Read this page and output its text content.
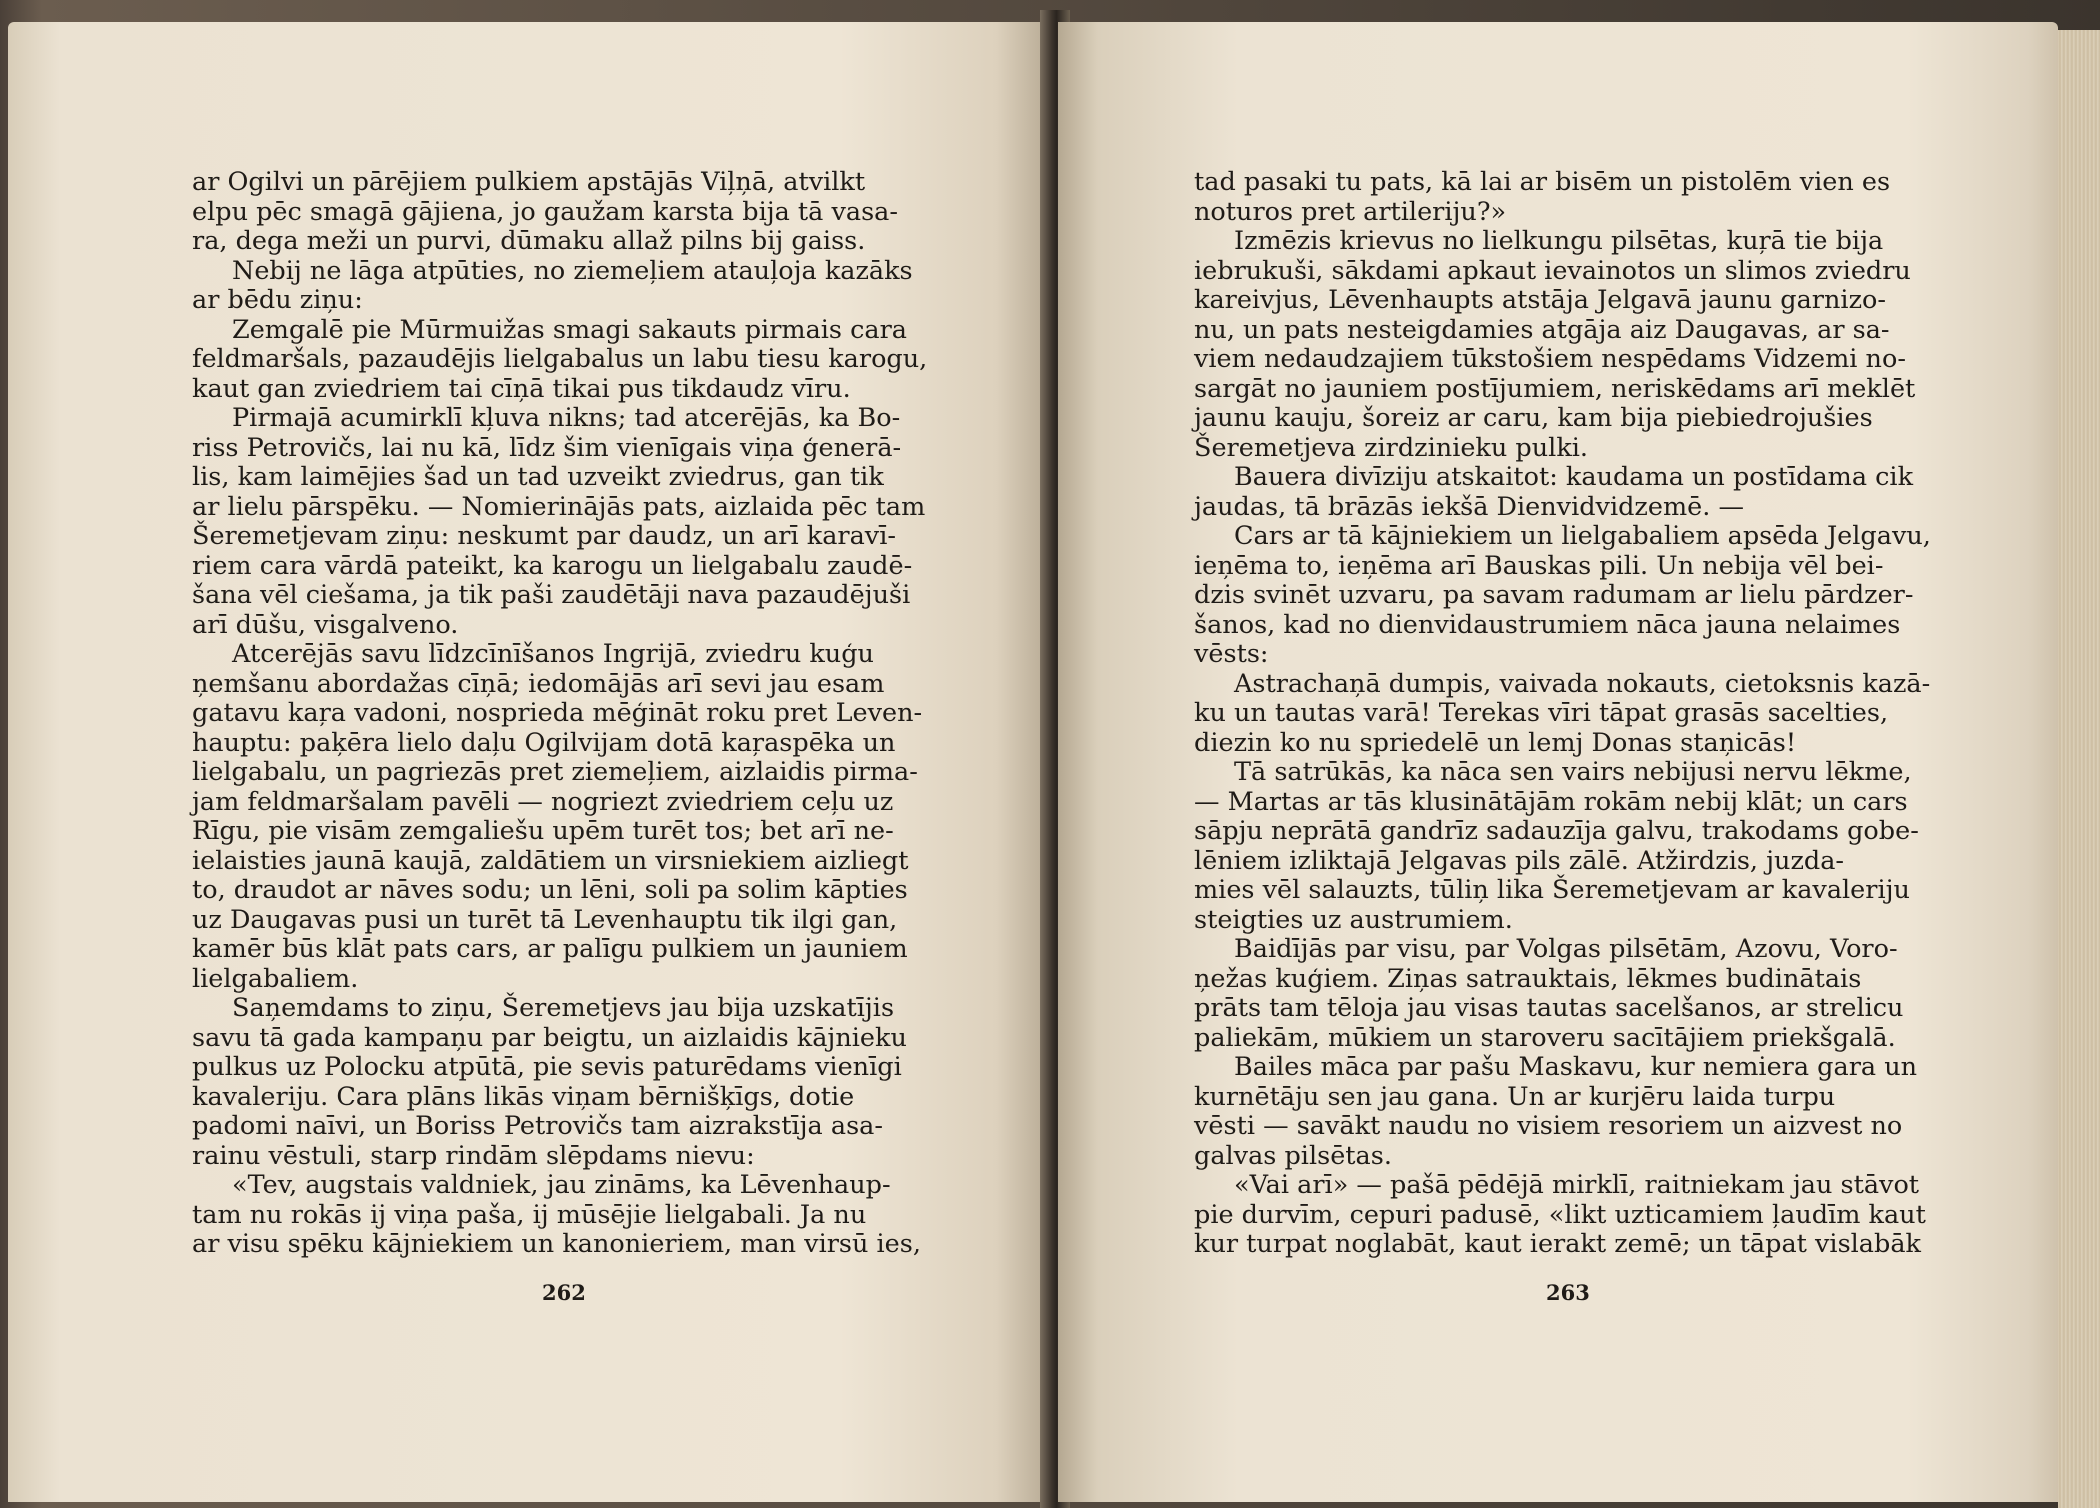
ar Ogilvi un pārējiem pulkiem apstājās Viļņā, atvilkt
elpu pēc smagā gājiena, jo gaužam karsta bija tā vasa-
ra, dega meži un purvi, dūmaku allaž pilns bij gaiss.
Nebij ne lāga atpūties, no ziemeļiem atauļoja kazāks
ar bēdu ziņu:
Zemgalē pie Mūrmuižas smagi sakauts pirmais cara
feldmaršals, pazaudējis lielgabalus un labu tiesu karogu,
kaut gan zviedriem tai cīņā tikai pus tikdaudz vīru.
Pirmajā acumirklī kļuva nikns; tad atcerējās, ka Bo-
riss Petrovičs, lai nu kā, līdz šim vienīgais viņa ģenerā-
lis, kam laimējies šad un tad uzveikt zviedrus, gan tik
ar lielu pārspēku. — Nomierinājās pats, aizlaida pēc tam
Šeremetjevam ziņu: neskumt par daudz, un arī karavī-
riem cara vārdā pateikt, ka karogu un lielgabalu zaudē-
šana vēl ciešama, ja tik paši zaudētāji nava pazaudējuši
arī dūšu, visgalveno.
Atcerējās savu līdzcīnīšanos Ingrijā, zviedru kuģu
ņemšanu abordažas cīņā; iedomājās arī sevi jau esam
gatavu kaŗa vadoni, nosprieda mēģināt roku pret Leven-
hauptu: paķēra lielo daļu Ogilvijam dotā kaŗaspēka un
lielgabalu, un pagriezās pret ziemeļiem, aizlaidis pirma-
jam feldmaršalam pavēli — nogriezt zviedriem ceļu uz
Rīgu, pie visām zemgaliešu upēm turēt tos; bet arī ne-
ielaisties jaunā kaujā, zaldātiem un virsniekiem aizliegt
to, draudot ar nāves sodu; un lēni, soli pa solim kāpties
uz Daugavas pusi un turēt tā Levenhauptu tik ilgi gan,
kamēr būs klāt pats cars, ar palīgu pulkiem un jauniem
lielgabaliem.
Saņemdams to ziņu, Šeremetjevs jau bija uzskatījis
savu tā gada kampaņu par beigtu, un aizlaidis kājnieku
pulkus uz Polocku atpūtā, pie sevis paturēdams vienīgi
kavaleriju. Cara plāns likās viņam bērnišķīgs, dotie
padomi naīvi, un Boriss Petrovičs tam aizrakstīja asa-
rainu vēstuli, starp rindām slēpdams nievu:
«Tev, augstais valdniek, jau zināms, ka Lēvenhaup-
tam nu rokās ij viņa paša, ij mūsējie lielgabali. Ja nu
ar visu spēku kājniekiem un kanonieriem, man virsū ies,
262
tad pasaki tu pats, kā lai ar bisēm un pistolēm vien es
noturos pret artileriju?»
Izmēzis krievus no lielkungu pilsētas, kuŗā tie bija
iebrukuši, sākdami apkaut ievainotos un slimos zviedru
kareivjus, Lēvenhaupts atstāja Jelgavā jaunu garnizo-
nu, un pats nesteigdamies atgāja aiz Daugavas, ar sa-
viem nedaudzajiem tūkstošiem nespēdams Vidzemi no-
sargāt no jauniem postījumiem, neriskēdams arī meklēt
jaunu kauju, šoreiz ar caru, kam bija piebiedrojušies
Šeremetjeva zirdzinieku pulki.
Bauera divīziju atskaitot: kaudama un postīdama cik
jaudas, tā brāzās iekšā Dienvidvidzemē. —
Cars ar tā kājniekiem un lielgabaliem apsēda Jelgavu,
ieņēma to, ieņēma arī Bauskas pili. Un nebija vēl bei-
dzis svinēt uzvaru, pa savam radumam ar lielu pārdzer-
šanos, kad no dienvidaustrumiem nāca jauna nelaimes
vēsts:
Astrachaņā dumpis, vaivada nokauts, cietoksnis kazā-
ku un tautas varā! Terekas vīri tāpat grasās sacelties,
diezin ko nu spriedelē un lemj Donas staņicās!
Tā satrūkās, ka nāca sen vairs nebijusi nervu lēkme,
— Martas ar tās klusinātājām rokām nebij klāt; un cars
sāpju neprātā gandrīz sadauzīja galvu, trakodams gobe-
lēniem izliktajā Jelgavas pils zālē. Atžirdzis, juzda-
mies vēl salauzts, tūliņ lika Šeremetjevam ar kavaleriju
steigties uz austrumiem.
Baidījās par visu, par Volgas pilsētām, Azovu, Voro-
ņežas kuģiem. Ziņas satrauktais, lēkmes budinātais
prāts tam tēloja jau visas tautas sacelšanos, ar strelicu
paliekām, mūkiem un staroveru sacītājiem priekšgalā.
Bailes māca par pašu Maskavu, kur nemiera gara un
kurnētāju sen jau gana. Un ar kurjēru laida turpu
vēsti — savākt naudu no visiem resoriem un aizvest no
galvas pilsētas.
«Vai arī» — pašā pēdējā mirklī, raitniekam jau stāvot
pie durvīm, cepuri padusē, «likt uzticamiem ļaudīm kaut
kur turpat noglabāt, kaut ierakt zemē; un tāpat vislabāk
263
